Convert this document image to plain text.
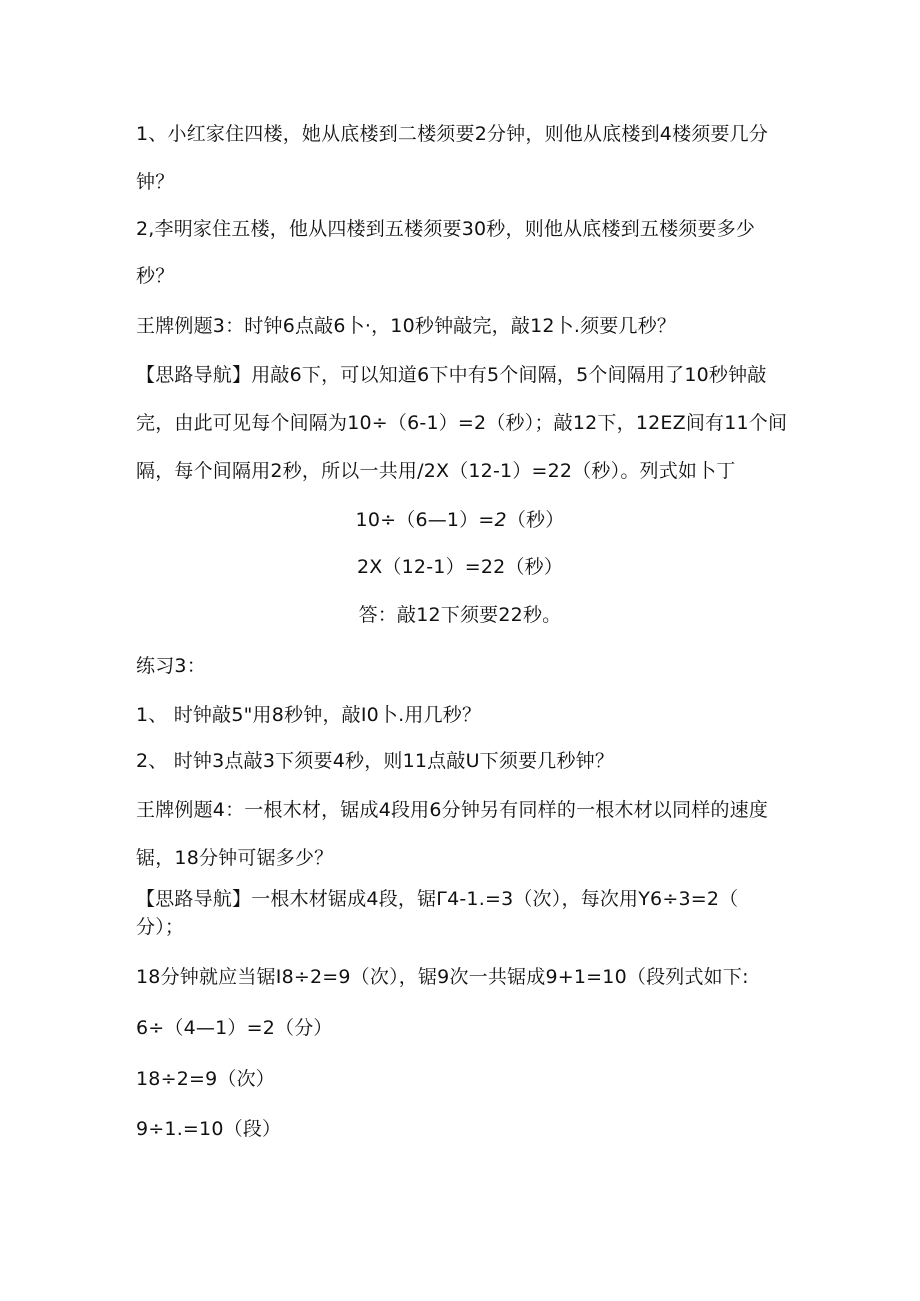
1、小红家住四楼，她从底楼到二楼须要2分钟，则他从底楼到4楼须要几分
钟？
2,李明家住五楼，他从四楼到五楼须要30秒，则他从底楼到五楼须要多少
秒？
王牌例题3：时钟6点敲6卜·，10秒钟敲完，敲12卜.须要几秒？
【思路导航】用敲6下，可以知道6下中有5个间隔，5个间隔用了10秒钟敲
完，由此可见每个间隔为10÷（6-1）=2（秒）；敲12下，12EZ间有11个间
隔，每个间隔用2秒，所以一共用/2X（12-1）=22（秒）。列式如卜丁
10÷（6—1）=2（秒）
2X（12-1）=22（秒）
答：敲12下须要22秒。
练习3：
1、 时钟敲5"用8秒钟，敲I0卜.用几秒？
2、 时钟3点敲3下须要4秒，则11点敲U下须要几秒钟？
王牌例题4：一根木材，锯成4段用6分钟另有同样的一根木材以同样的速度
锯，18分钟可锯多少？
【思路导航】一根木材锯成4段，锯Γ4-1.=3（次），每次用Y6÷3=2（
分）；
18分钟就应当锯I8÷2=9（次），锯9次一共锯成9+1=10（段列式如下:
6÷（4—1）=2（分）
18÷2=9（次）
9÷1.=10（段）
